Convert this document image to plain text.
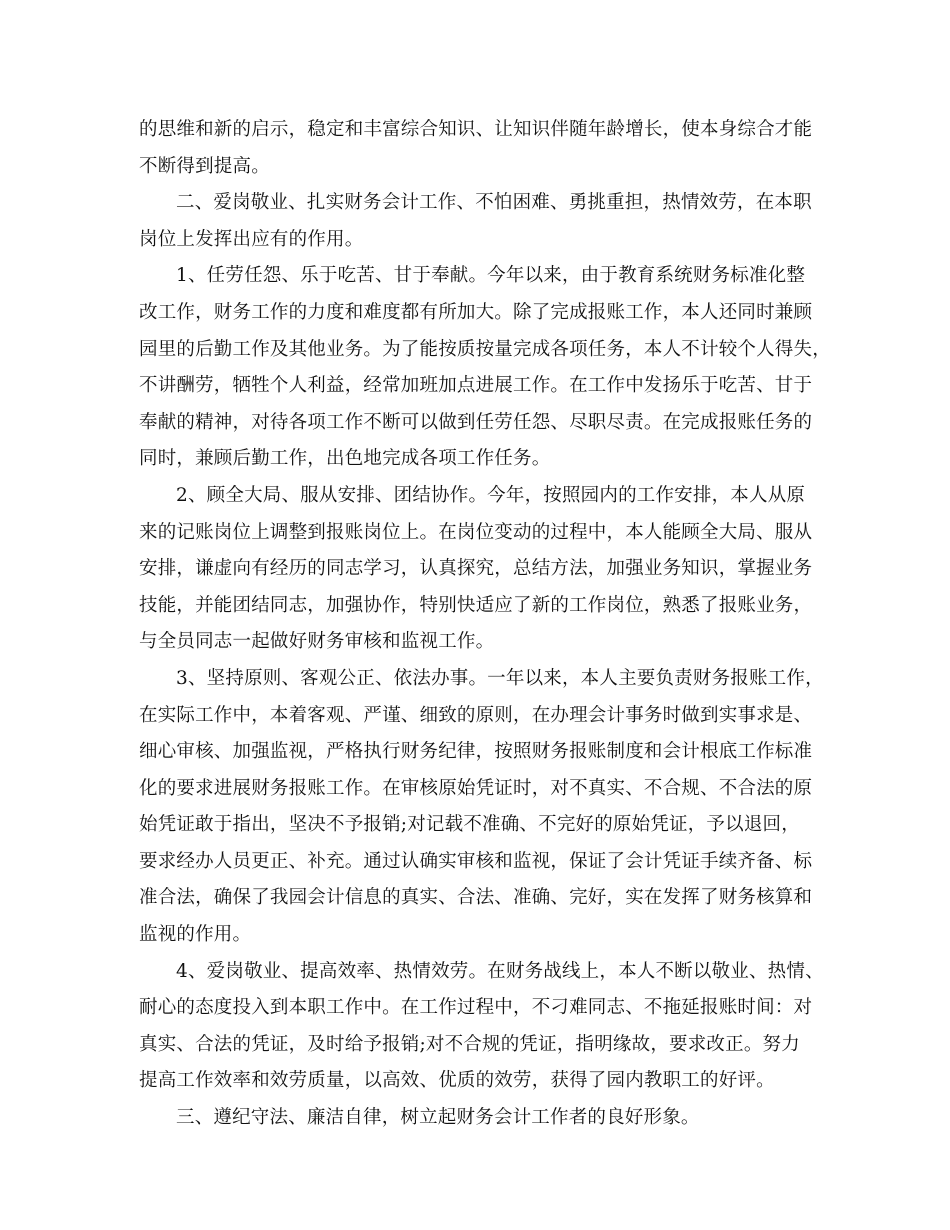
的思维和新的启示，稳定和丰富综合知识、让知识伴随年龄增长，使本身综合才能
不断得到提高。
二、爱岗敬业、扎实财务会计工作、不怕困难、勇挑重担，热情效劳，在本职
岗位上发挥出应有的作用。
1、任劳任怨、乐于吃苦、甘于奉献。今年以来，由于教育系统财务标准化整
改工作，财务工作的力度和难度都有所加大。除了完成报账工作，本人还同时兼顾
园里的后勤工作及其他业务。为了能按质按量完成各项任务，本人不计较个人得失，
不讲酬劳，牺牲个人利益，经常加班加点进展工作。在工作中发扬乐于吃苦、甘于
奉献的精神，对待各项工作不断可以做到任劳任怨、尽职尽责。在完成报账任务的
同时，兼顾后勤工作，出色地完成各项工作任务。
2、顾全大局、服从安排、团结协作。今年，按照园内的工作安排，本人从原
来的记账岗位上调整到报账岗位上。在岗位变动的过程中，本人能顾全大局、服从
安排，谦虚向有经历的同志学习，认真探究，总结方法，加强业务知识，掌握业务
技能，并能团结同志，加强协作，特别快适应了新的工作岗位，熟悉了报账业务，
与全员同志一起做好财务审核和监视工作。
3、坚持原则、客观公正、依法办事。一年以来，本人主要负责财务报账工作，
在实际工作中，本着客观、严谨、细致的原则，在办理会计事务时做到实事求是、
细心审核、加强监视，严格执行财务纪律，按照财务报账制度和会计根底工作标准
化的要求进展财务报账工作。在审核原始凭证时，对不真实、不合规、不合法的原
始凭证敢于指出，坚决不予报销;对记载不准确、不完好的原始凭证，予以退回，
要求经办人员更正、补充。通过认确实审核和监视，保证了会计凭证手续齐备、标
准合法，确保了我园会计信息的真实、合法、准确、完好，实在发挥了财务核算和
监视的作用。
4、爱岗敬业、提高效率、热情效劳。在财务战线上，本人不断以敬业、热情、
耐心的态度投入到本职工作中。在工作过程中，不刁难同志、不拖延报账时间：对
真实、合法的凭证，及时给予报销;对不合规的凭证，指明缘故，要求改正。努力
提高工作效率和效劳质量，以高效、优质的效劳，获得了园内教职工的好评。
三、遵纪守法、廉洁自律，树立起财务会计工作者的良好形象。
